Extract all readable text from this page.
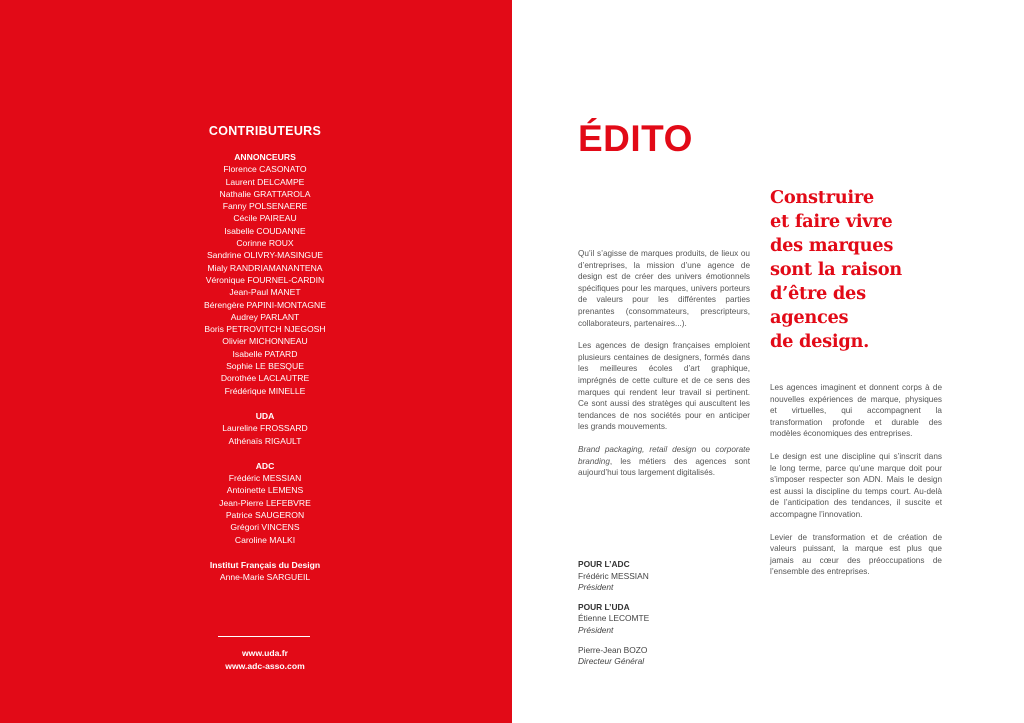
CONTRIBUTEURS
ANNONCEURS
Florence CASONATO
Laurent DELCAMPE
Nathalie GRATTAROLA
Fanny POLSENAERE
Cécile PAIREAU
Isabelle COUDANNE
Corinne ROUX
Sandrine OLIVRY-MASINGUE
Mialy RANDRIAMANANTENA
Véronique FOURNEL-CARDIN
Jean-Paul MANET
Bérengère PAPINI-MONTAGNE
Audrey PARLANT
Boris PETROVITCH NJEGOSH
Olivier MICHONNEAU
Isabelle PATARD
Sophie LE BESQUE
Dorothée LACLAUTRE
Frédérique MINELLE
UDA
Laureline FROSSARD
Athénaïs RIGAULT
ADC
Frédéric MESSIAN
Antoinette LEMENS
Jean-Pierre LEFEBVRE
Patrice SAUGERON
Grégori VINCENS
Caroline MALKI
Institut Français du Design
Anne-Marie SARGUEIL
www.uda.fr
www.adc-asso.com
ÉDITO

Qu’il s’agisse de marques produits, de lieux ou d’entreprises, la mission d’une agence de design est de créer des univers émotionnels spécifiques pour les marques, univers porteurs de valeurs pour les différentes parties prenantes (consommateurs, prescripteurs, collaborateurs, partenaires...).

Les agences de design françaises emploient plusieurs centaines de designers, formés dans les meilleures écoles d’art graphique, imprégnés de cette culture et de ce sens des marques qui rendent leur travail si pertinent. Ce sont aussi des stratèges qui auscultent les tendances de nos sociétés pour en anticiper les grands mouvements.

Brand packaging, retail design ou corporate branding, les métiers des agences sont aujourd’hui tous largement digitalisés.

POUR L’ADC
Frédéric MESSIAN
Président
POUR L’UDA
Étienne LECOMTE
Président
Pierre-Jean BOZO
Directeur Général
Construire
et faire vivre
des marques
sont la raison
d’être des
agences
de design.

Les agences imaginent et donnent corps à de nouvelles expériences de marque, physiques et virtuelles, qui accompagnent la transformation profonde et durable des modèles économiques des entreprises.

Le design est une discipline qui s’inscrit dans le long terme, parce qu’une marque doit pour s’imposer respecter son ADN. Mais le design est aussi la discipline du temps court. Au-delà de l’anticipation des tendances, il suscite et accompagne l’innovation.

Levier de transformation et de création de valeurs puissant, la marque est plus que jamais au cœur des préoccupations de l’ensemble des entreprises.
